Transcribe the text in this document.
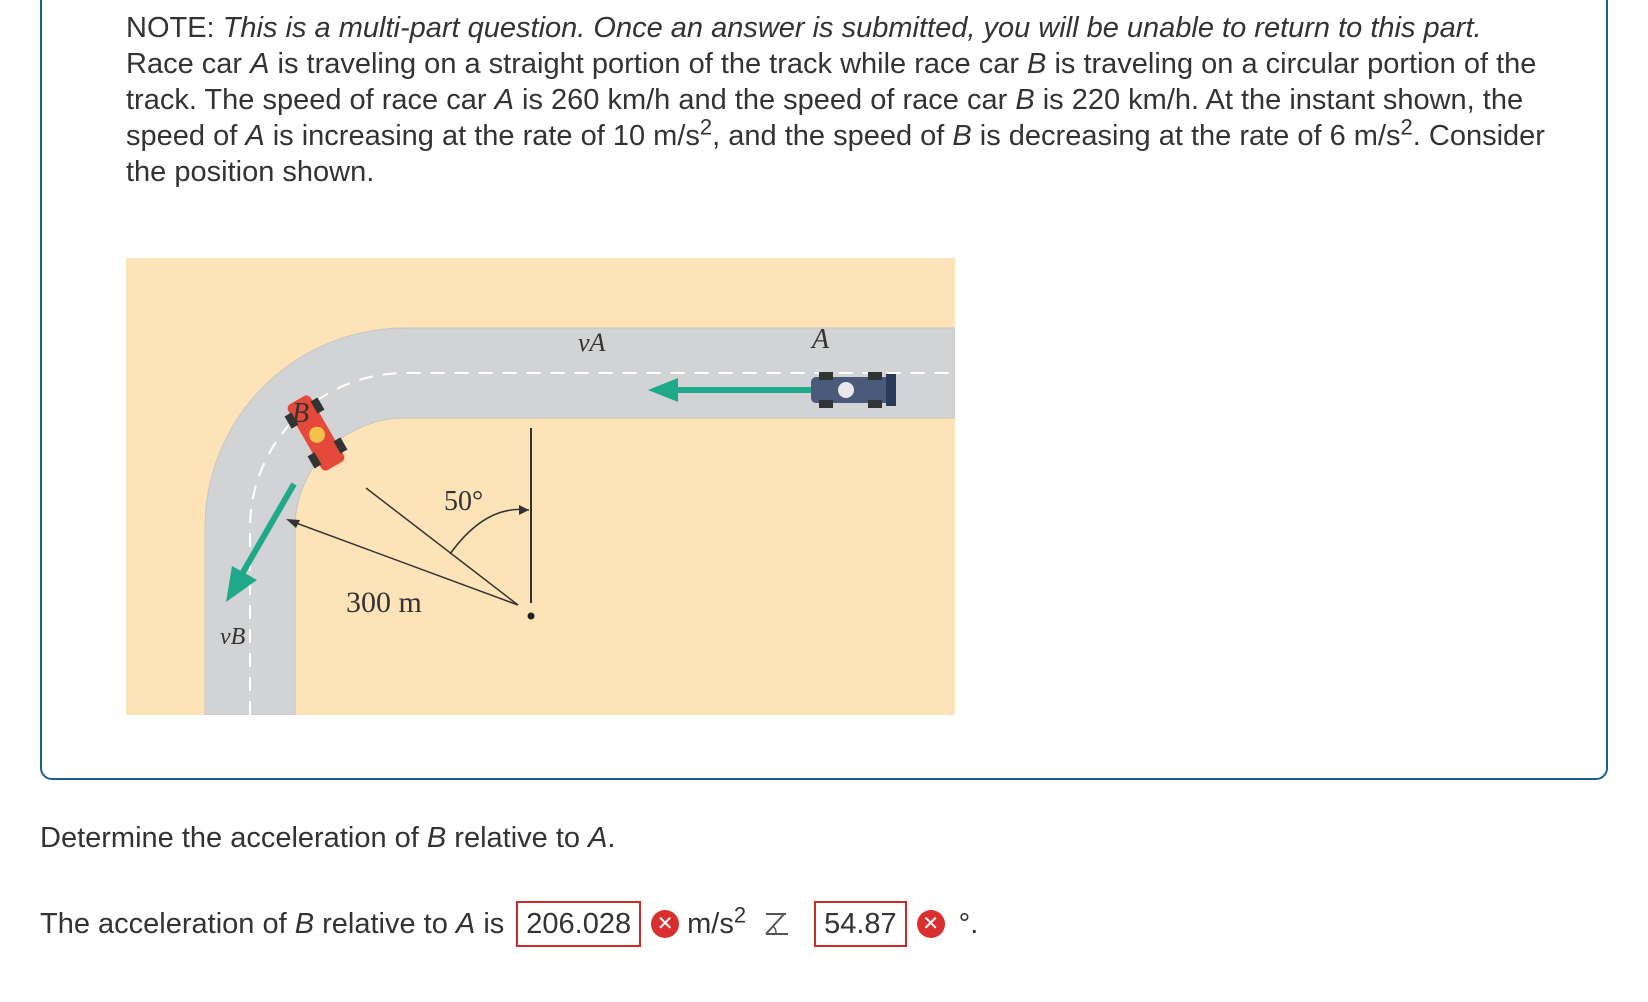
NOTE: This is a multi-part question. Once an answer is submitted, you will be unable to return to this part.

Race car A is traveling on a straight portion of the track while race car B is traveling on a circular portion of the track. The speed of race car A is 260 km/h and the speed of race car B is 220 km/h. At the instant shown, the speed of A is increasing at the rate of 10 $m/s^2$, and the speed of B is decreasing at the rate of 6 $m/s^2$. Consider the position shown.

vA	A
B
vB
50°
300 m
Determine the acceleration of B relative to A.
The acceleration of
B
relative to
A
is 206.028	✕ $m/s^2$	54.87	✕ °.
